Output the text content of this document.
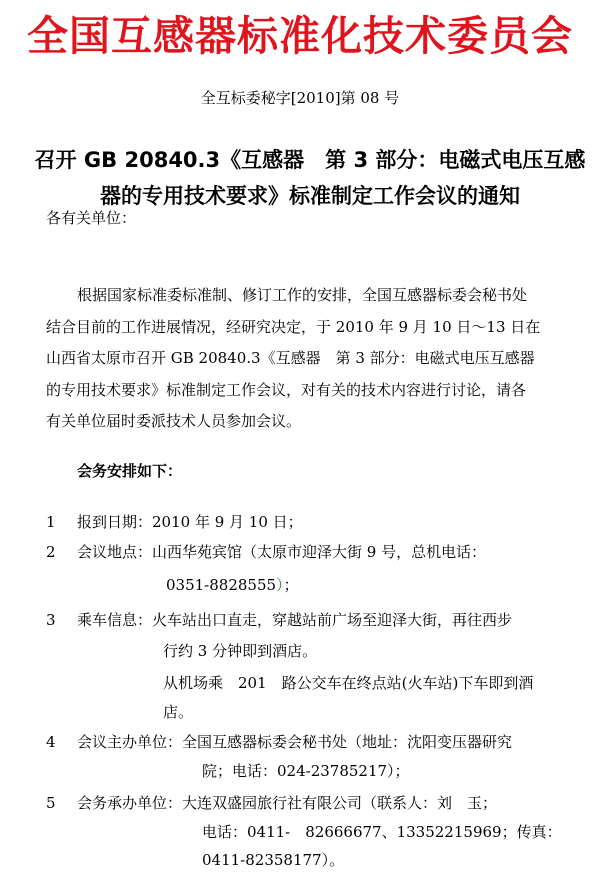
全国互感器标准化技术委员会
全互标委秘字[2010]第 08 号
召开 GB 20840.3《互感器　第 3 部分：电磁式电压互感
器的专用技术要求》标准制定工作会议的通知
各有关单位：
根据国家标准委标准制、修订工作的安排，全国互感器标委会秘书处
结合目前的工作进展情况，经研究决定，于 2010 年 9 月 10 日～13 日在
山西省太原市召开 GB 20840.3《互感器　第 3 部分：电磁式电压互感器
的专用技术要求》标准制定工作会议，对有关的技术内容进行讨论，请各
有关单位届时委派技术人员参加会议。
会务安排如下：
1 报到日期：2010 年 9 月 10 日；
2 会议地点：山西华苑宾馆（太原市迎泽大街 9 号，总机电话：
0351-8828555）；
3 乘车信息：火车站出口直走，穿越站前广场至迎泽大街，再往西步
行约 3 分钟即到酒店。
从机场乘　201　路公交车在终点站(火车站)下车即到酒
店。
4 会议主办单位：全国互感器标委会秘书处（地址：沈阳变压器研究
院；电话：024-23785217）；
5 会务承办单位：大连双盛园旅行社有限公司（联系人：刘　玉；
电话：0411-　82666677、13352215969；传真：
0411-82358177）。
